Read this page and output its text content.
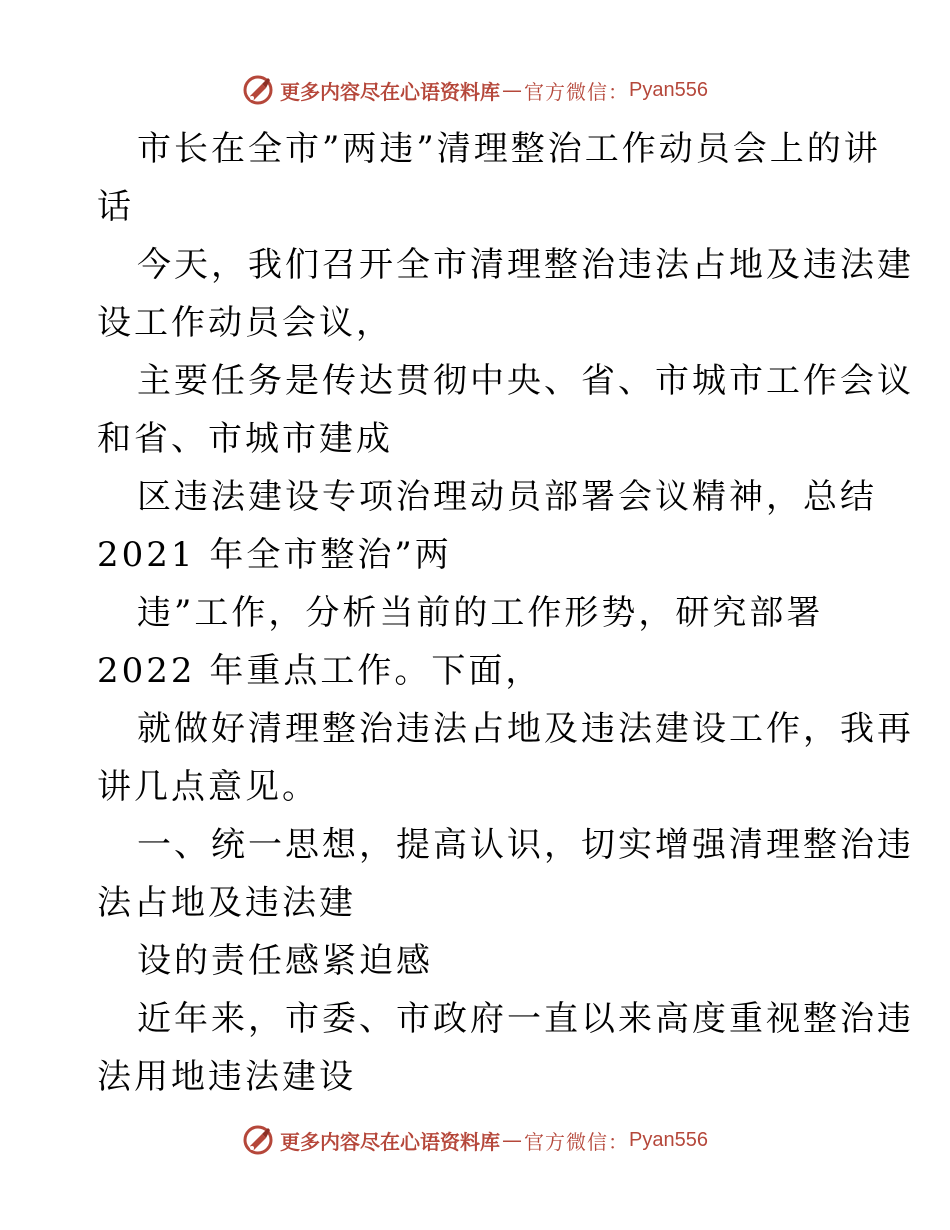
更多内容尽在心语资料库 — 官方微信： Pyan556
市长在全市”两违”清理整治工作动员会上的讲
话
今天，我们召开全市清理整治违法占地及违法建
设工作动员会议，
主要任务是传达贯彻中央、省、市城市工作会议
和省、市城市建成
区违法建设专项治理动员部署会议精神，总结
2021 年全市整治”两
违”工作，分析当前的工作形势，研究部署
2022 年重点工作。下面，
就做好清理整治违法占地及违法建设工作，我再
讲几点意见。
一、统一思想，提高认识，切实增强清理整治违
法占地及违法建
设的责任感紧迫感
近年来，市委、市政府一直以来高度重视整治违
法用地违法建设
更多内容尽在心语资料库 — 官方微信： Pyan556
